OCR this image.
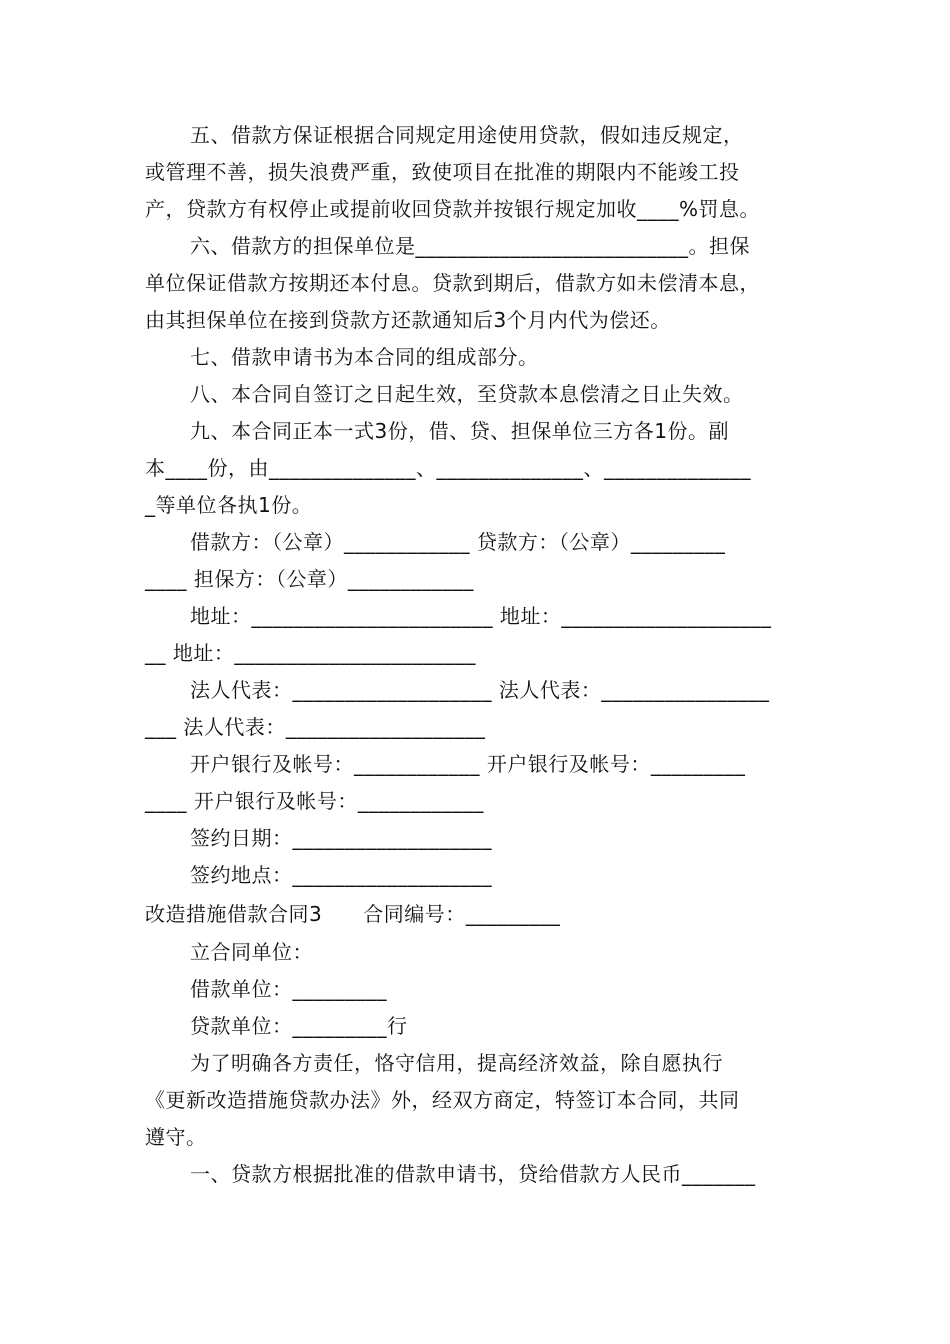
五、借款方保证根据合同规定用途使用贷款，假如违反规定，
或管理不善，损失浪费严重，致使项目在批准的期限内不能竣工投
产，贷款方有权停止或提前收回贷款并按银行规定加收____%罚息。
六、借款方的担保单位是__________________________。担保
单位保证借款方按期还本付息。贷款到期后，借款方如未偿清本息，
由其担保单位在接到贷款方还款通知后3个月内代为偿还。
七、借款申请书为本合同的组成部分。
八、本合同自签订之日起生效，至贷款本息偿清之日止失效。
九、本合同正本一式3份，借、贷、担保单位三方各1份。副
本____份，由______________、______________、______________
_等单位各执1份。
借款方：（公章）____________ 贷款方：（公章）_________
____ 担保方：（公章）____________
地址：_______________________ 地址：____________________
__ 地址：_______________________
法人代表：___________________ 法人代表：________________
___ 法人代表：___________________
开户银行及帐号：____________ 开户银行及帐号：_________
____ 开户银行及帐号：____________
签约日期：___________________
签约地点：___________________
改造措施借款合同3　　合同编号：_________
立合同单位：
借款单位：_________
贷款单位：_________行
为了明确各方责任，恪守信用，提高经济效益，除自愿执行
《更新改造措施贷款办法》外，经双方商定，特签订本合同，共同
遵守。
一、贷款方根据批准的借款申请书，贷给借款方人民币_______
